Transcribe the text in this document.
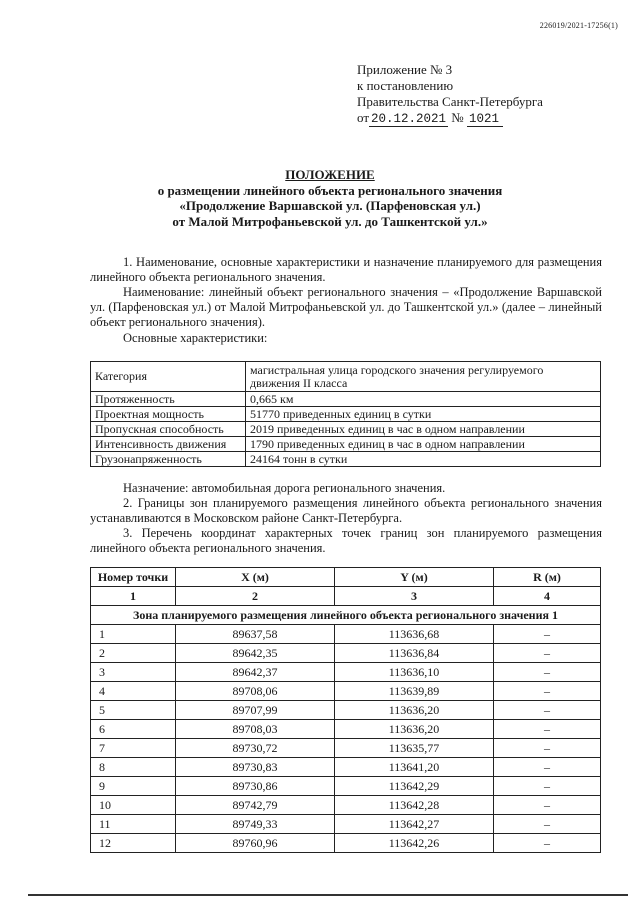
226019/2021-17256(1)
Приложение № 3
к постановлению
Правительства Санкт-Петербурга
от 20.12.2021 № 1021
ПОЛОЖЕНИЕ
о размещении линейного объекта регионального значения
«Продолжение Варшавской ул. (Парфеновская ул.)
от Малой Митрофаньевской ул. до Ташкентской ул.»
1. Наименование, основные характеристики и назначение планируемого для размещения линейного объекта регионального значения.
Наименование: линейный объект регионального значения – «Продолжение Варшавской ул. (Парфеновская ул.) от Малой Митрофаньевской ул. до Ташкентской ул.» (далее – линейный объект регионального значения).
Основные характеристики:
Категория	магистральная улица городского значения регулируемого движения II класса
Протяженность	0,665 км
Проектная мощность	51770 приведенных единиц в сутки
Пропускная способность	2019 приведенных единиц в час в одном направлении
Интенсивность движения	1790 приведенных единиц в час в одном направлении
Грузонапряженность	24164 тонн в сутки
Назначение: автомобильная дорога регионального значения.
2. Границы зон планируемого размещения линейного объекта регионального значения устанавливаются в Московском районе Санкт-Петербурга.
3. Перечень координат характерных точек границ зон планируемого размещения линейного объекта регионального значения.
Номер точки	X (м)	Y (м)	R (м)
1	2	3	4
Зона планируемого размещения линейного объекта регионального значения 1			
1	89637,58	113636,68	–
2	89642,35	113636,84	–
3	89642,37	113636,10	–
4	89708,06	113639,89	–
5	89707,99	113636,20	–
6	89708,03	113636,20	–
7	89730,72	113635,77	–
8	89730,83	113641,20	–
9	89730,86	113642,29	–
10	89742,79	113642,28	–
11	89749,33	113642,27	–
12	89760,96	113642,26	–
